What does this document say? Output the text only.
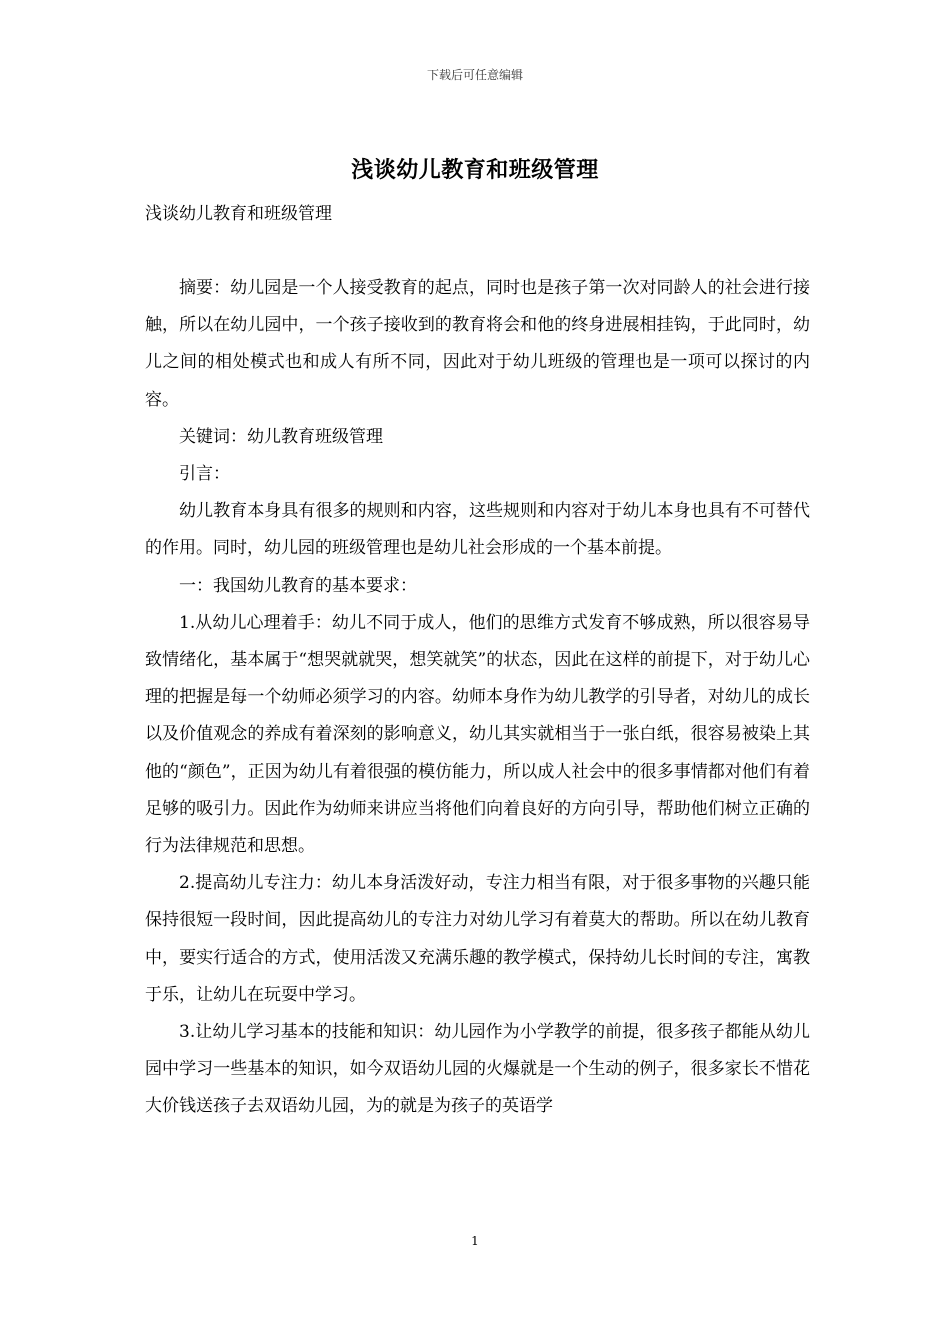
下载后可任意编辑
浅谈幼儿教育和班级管理
浅谈幼儿教育和班级管理

摘要：幼儿园是一个人接受教育的起点，同时也是孩子第一次对同龄人的社会进行接触，所以在幼儿园中，一个孩子接收到的教育将会和他的终身进展相挂钩，于此同时，幼儿之间的相处模式也和成人有所不同，因此对于幼儿班级的管理也是一项可以探讨的内容。

关键词：幼儿教育班级管理

引言：

幼儿教育本身具有很多的规则和内容，这些规则和内容对于幼儿本身也具有不可替代的作用。同时，幼儿园的班级管理也是幼儿社会形成的一个基本前提。

一：我国幼儿教育的基本要求：

1.从幼儿心理着手：幼儿不同于成人，他们的思维方式发育不够成熟，所以很容易导致情绪化，基本属于“想哭就就哭，想笑就笑”的状态，因此在这样的前提下，对于幼儿心理的把握是每一个幼师必须学习的内容。幼师本身作为幼儿教学的引导者，对幼儿的成长以及价值观念的养成有着深刻的影响意义，幼儿其实就相当于一张白纸，很容易被染上其他的“颜色”，正因为幼儿有着很强的模仿能力，所以成人社会中的很多事情都对他们有着足够的吸引力。因此作为幼师来讲应当将他们向着良好的方向引导，帮助他们树立正确的行为法律规范和思想。

2.提高幼儿专注力：幼儿本身活泼好动，专注力相当有限，对于很多事物的兴趣只能保持很短一段时间，因此提高幼儿的专注力对幼儿学习有着莫大的帮助。所以在幼儿教育中，要实行适合的方式，使用活泼又充满乐趣的教学模式，保持幼儿长时间的专注，寓教于乐，让幼儿在玩耍中学习。

3.让幼儿学习基本的技能和知识：幼儿园作为小学教学的前提，很多孩子都能从幼儿园中学习一些基本的知识，如今双语幼儿园的火爆就是一个生动的例子，很多家长不惜花大价钱送孩子去双语幼儿园，为的就是为孩子的英语学

1
